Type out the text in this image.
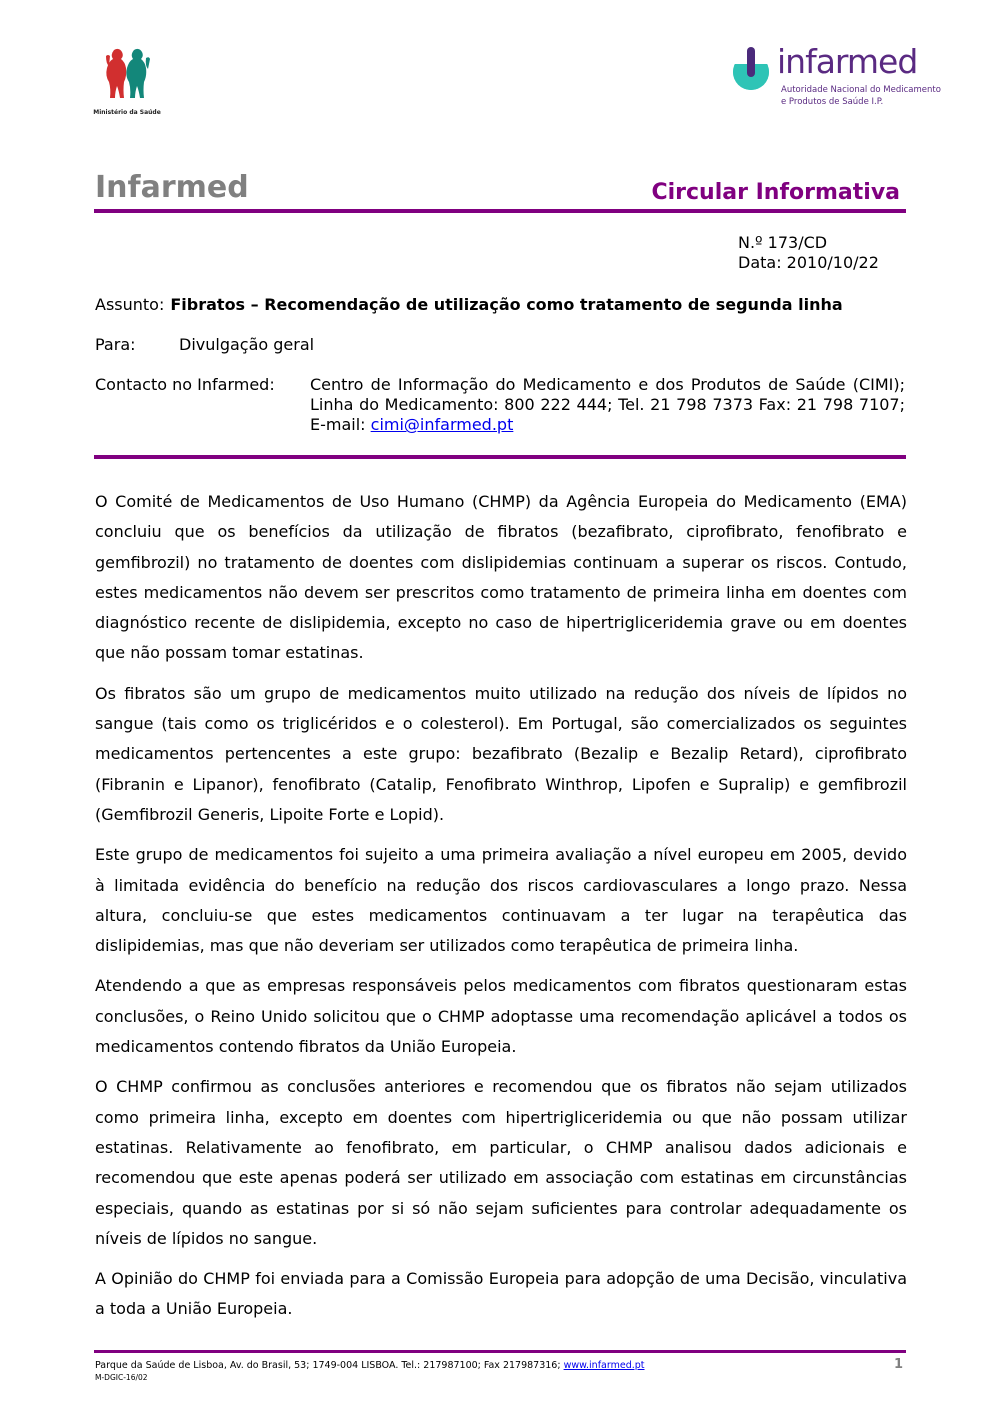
Ministério da Saúde
infarmed
Autoridade Nacional do Medicamento
e Produtos de Saúde I.P.
Infarmed	Circular Informativa
N.º 173/CD
Data: 2010/10/22
Assunto: Fibratos – Recomendação de utilização como tratamento de segunda linha
Para:	Divulgação geral
Contacto no Infarmed: Centro de Informação do Medicamento e dos Produtos de Saúde (CIMI); Linha do Medicamento: 800 222 444; Tel. 21 798 7373 Fax: 21 798 7107; E-mail: cimi@infarmed.pt

O Comité de Medicamentos de Uso Humano (CHMP) da Agência Europeia do Medicamento (EMA) concluiu que os benefícios da utilização de fibratos (bezafibrato, ciprofibrato, fenofibrato e gemfibrozil) no tratamento de doentes com dislipidemias continuam a superar os riscos. Contudo, estes medicamentos não devem ser prescritos como tratamento de primeira linha em doentes com diagnóstico recente de dislipidemia, excepto no caso de hipertrigliceridemia grave ou em doentes que não possam tomar estatinas.

Os fibratos são um grupo de medicamentos muito utilizado na redução dos níveis de lípidos no sangue (tais como os triglicéridos e o colesterol). Em Portugal, são comercializados os seguintes medicamentos pertencentes a este grupo: bezafibrato (Bezalip e Bezalip Retard), ciprofibrato (Fibranin e Lipanor), fenofibrato (Catalip, Fenofibrato Winthrop, Lipofen e Supralip) e gemfibrozil (Gemfibrozil Generis, Lipoite Forte e Lopid).

Este grupo de medicamentos foi sujeito a uma primeira avaliação a nível europeu em 2005, devido à limitada evidência do benefício na redução dos riscos cardiovasculares a longo prazo. Nessa altura, concluiu-se que estes medicamentos continuavam a ter lugar na terapêutica das dislipidemias, mas que não deveriam ser utilizados como terapêutica de primeira linha.

Atendendo a que as empresas responsáveis pelos medicamentos com fibratos questionaram estas conclusões, o Reino Unido solicitou que o CHMP adoptasse uma recomendação aplicável a todos os medicamentos contendo fibratos da União Europeia.

O CHMP confirmou as conclusões anteriores e recomendou que os fibratos não sejam utilizados como primeira linha, excepto em doentes com hipertrigliceridemia ou que não possam utilizar estatinas. Relativamente ao fenofibrato, em particular, o CHMP analisou dados adicionais e recomendou que este apenas poderá ser utilizado em associação com estatinas em circunstâncias especiais, quando as estatinas por si só não sejam suficientes para controlar adequadamente os níveis de lípidos no sangue.

A Opinião do CHMP foi enviada para a Comissão Europeia para adopção de uma Decisão, vinculativa a toda a União Europeia.

Parque da Saúde de Lisboa, Av. do Brasil, 53; 1749-004 LISBOA. Tel.: 217987100; Fax 217987316; www.infarmed.pt
M-DGIC-16/02
1
